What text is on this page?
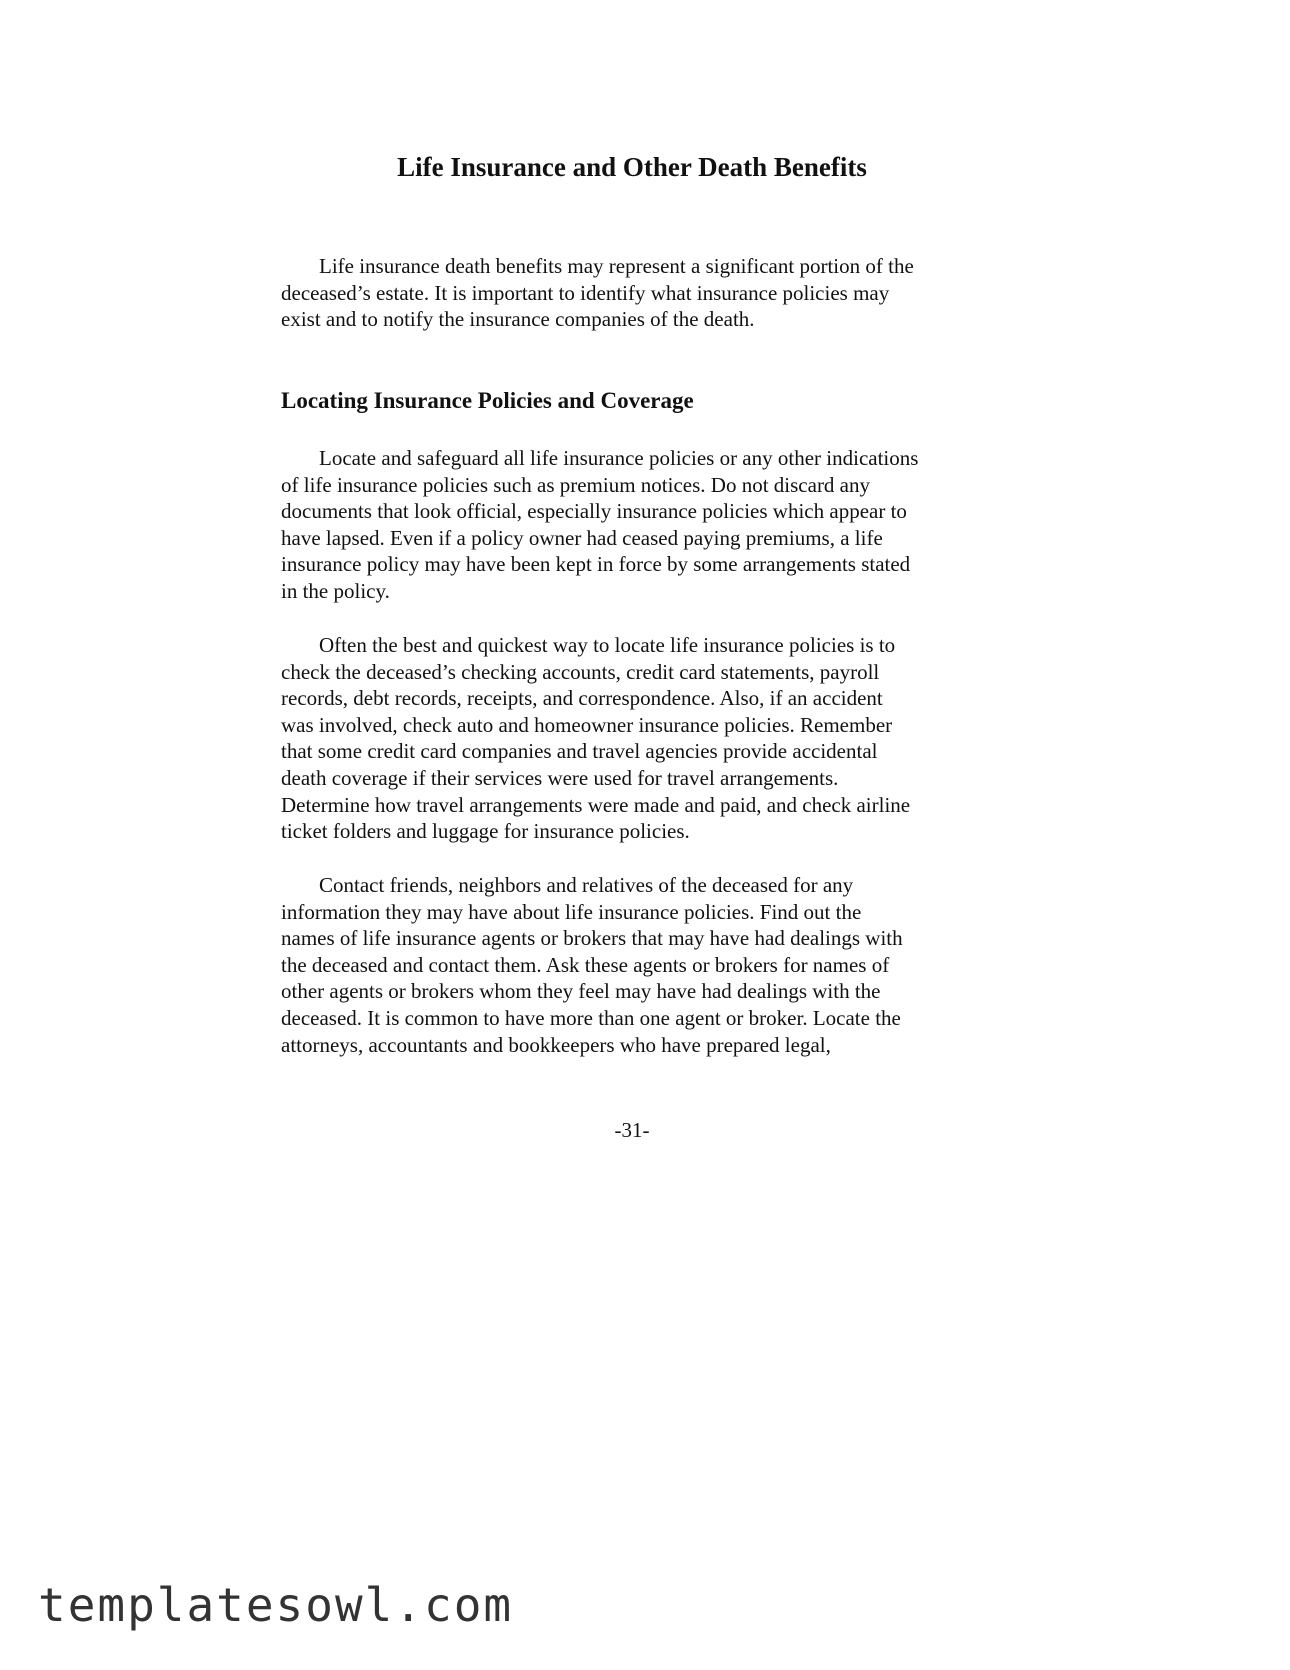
Life Insurance and Other Death Benefits

Life insurance death benefits may represent a significant portion of the
deceased’s estate. It is important to identify what insurance policies may
exist and to notify the insurance companies of the death.

Locating Insurance Policies and Coverage

Locate and safeguard all life insurance policies or any other indications
of life insurance policies such as premium notices. Do not discard any
documents that look official, especially insurance policies which appear to
have lapsed. Even if a policy owner had ceased paying premiums, a life
insurance policy may have been kept in force by some arrangements stated
in the policy.

Often the best and quickest way to locate life insurance policies is to
check the deceased’s checking accounts, credit card statements, payroll
records, debt records, receipts, and correspondence. Also, if an accident
was involved, check auto and homeowner insurance policies. Remember
that some credit card companies and travel agencies provide accidental
death coverage if their services were used for travel arrangements.
Determine how travel arrangements were made and paid, and check airline
ticket folders and luggage for insurance policies.

Contact friends, neighbors and relatives of the deceased for any
information they may have about life insurance policies. Find out the
names of life insurance agents or brokers that may have had dealings with
the deceased and contact them. Ask these agents or brokers for names of
other agents or brokers whom they feel may have had dealings with the
deceased. It is common to have more than one agent or broker. Locate the
attorneys, accountants and bookkeepers who have prepared legal,

-31-

templatesowl.com
